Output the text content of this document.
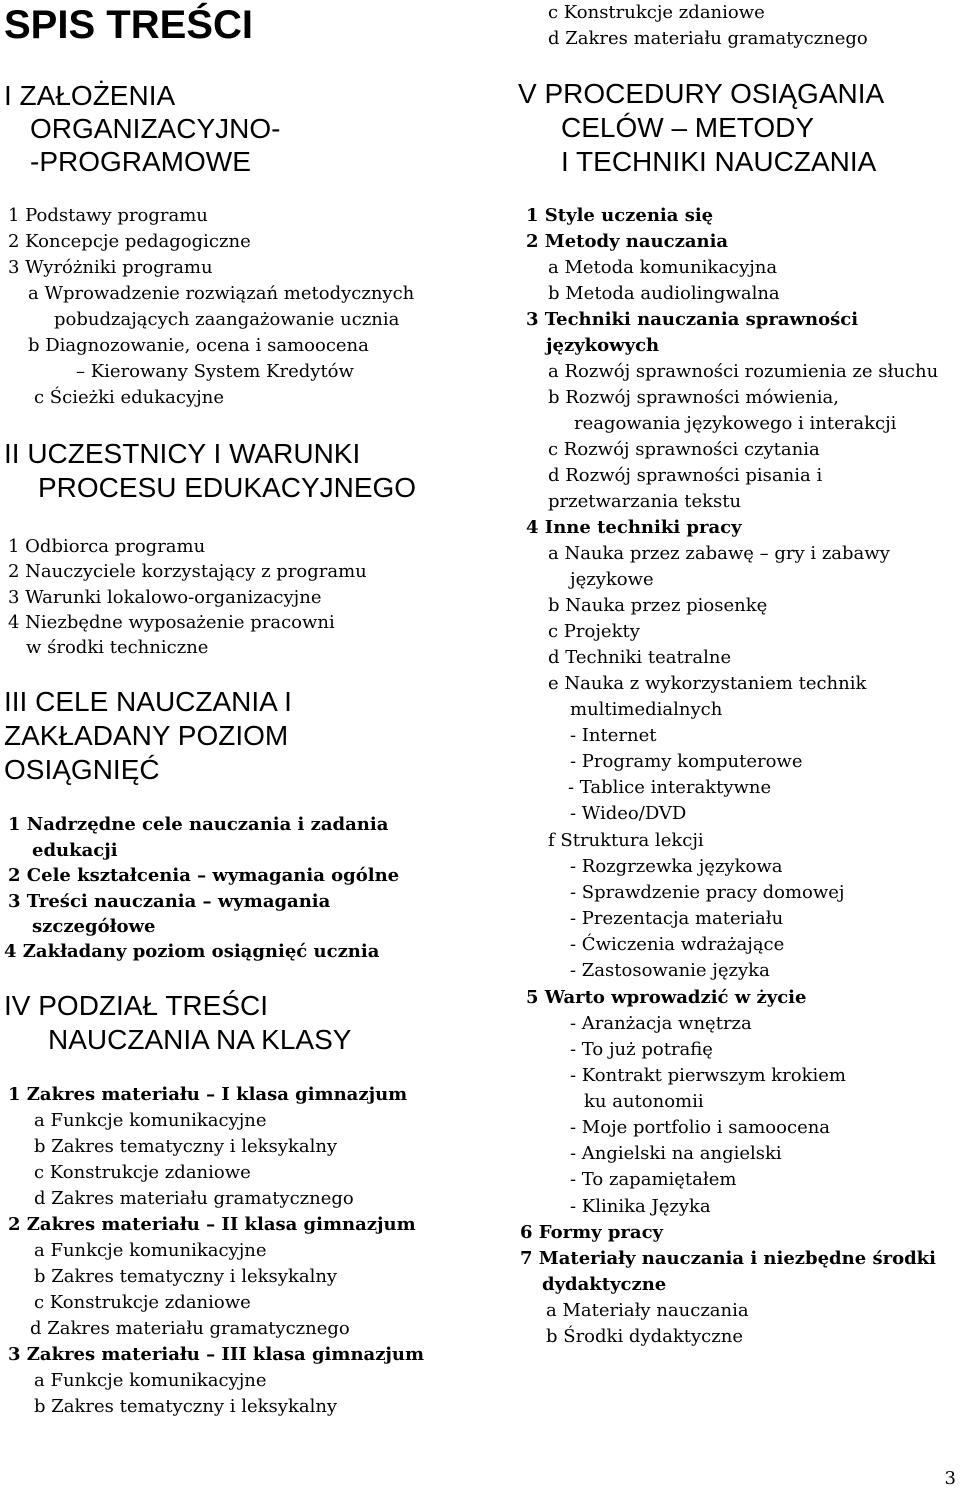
SPIS TREŚCI
I ZAŁOŻENIA
ORGANIZACYJNO-
-PROGRAMOWE
1 Podstawy programu
2 Koncepcje pedagogiczne
3 Wyróżniki programu
a Wprowadzenie rozwiązań metodycznych
pobudzających zaangażowanie ucznia
b Diagnozowanie, ocena i samoocena
– Kierowany System Kredytów
c Ścieżki edukacyjne
II UCZESTNICY I WARUNKI
PROCESU EDUKACYJNEGO
1 Odbiorca programu
2 Nauczyciele korzystający z programu
3 Warunki lokalowo-organizacyjne
4 Niezbędne wyposażenie pracowni
w środki techniczne
III CELE NAUCZANIA I
ZAKŁADANY POZIOM
OSIĄGNIĘĆ
1 Nadrzędne cele nauczania i zadania
edukacji
2 Cele kształcenia – wymagania ogólne
3 Treści nauczania – wymagania
szczegółowe
4 Zakładany poziom osiągnięć ucznia
IV PODZIAŁ TREŚCI
NAUCZANIA NA KLASY
1 Zakres materiału – I klasa gimnazjum
a Funkcje komunikacyjne
b Zakres tematyczny i leksykalny
c Konstrukcje zdaniowe
d Zakres materiału gramatycznego
2 Zakres materiału – II klasa gimnazjum
a Funkcje komunikacyjne
b Zakres tematyczny i leksykalny
c Konstrukcje zdaniowe
d Zakres materiału gramatycznego
3 Zakres materiału – III klasa gimnazjum
a Funkcje komunikacyjne
b Zakres tematyczny i leksykalny
c Konstrukcje zdaniowe
d Zakres materiału gramatycznego
V PROCEDURY OSIĄGANIA
CELÓW – METODY
I TECHNIKI NAUCZANIA
1 Style uczenia się
2 Metody nauczania
a Metoda komunikacyjna
b Metoda audiolingwalna
3 Techniki nauczania sprawności
językowych
a Rozwój sprawności rozumienia ze słuchu
b Rozwój sprawności mówienia,
reagowania językowego i interakcji
c Rozwój sprawności czytania
d Rozwój sprawności pisania i
przetwarzania tekstu
4 Inne techniki pracy
a Nauka przez zabawę – gry i zabawy
językowe
b Nauka przez piosenkę
c Projekty
d Techniki teatralne
e Nauka z wykorzystaniem technik
multimedialnych
- Internet
- Programy komputerowe
- Tablice interaktywne
- Wideo/DVD
f Struktura lekcji
- Rozgrzewka językowa
- Sprawdzenie pracy domowej
- Prezentacja materiału
- Ćwiczenia wdrażające
- Zastosowanie języka
5 Warto wprowadzić w życie
- Aranżacja wnętrza
- To już potrafię
- Kontrakt pierwszym krokiem
ku autonomii
- Moje portfolio i samoocena
- Angielski na angielski
- To zapamiętałem
- Klinika Języka
6 Formy pracy
7 Materiały nauczania i niezbędne środki
dydaktyczne
a Materiały nauczania
b Środki dydaktyczne
3
